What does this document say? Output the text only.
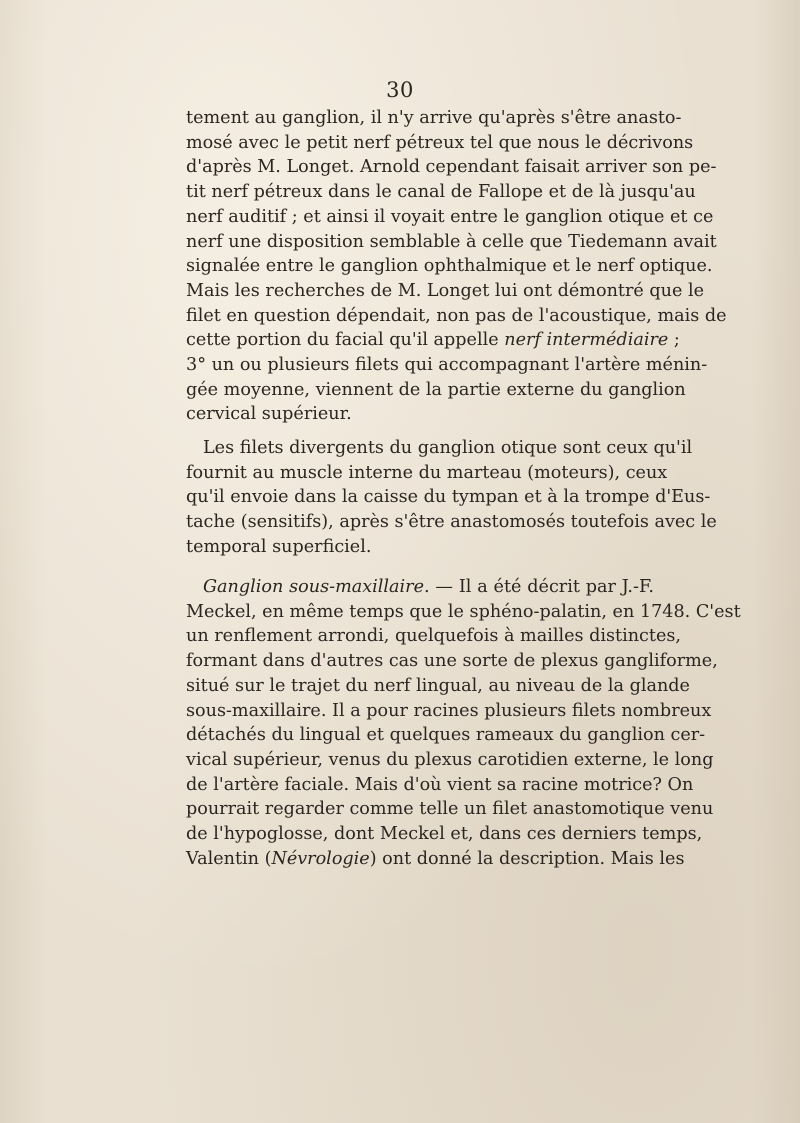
30
tement au ganglion, il n'y arrive qu'après s'être anasto-
mosé avec le petit nerf pétreux tel que nous le décrivons
d'après M. Longet. Arnold cependant faisait arriver son pe-
tit nerf pétreux dans le canal de Fallope et de là jusqu'au
nerf auditif ; et ainsi il voyait entre le ganglion otique et ce
nerf une disposition semblable à celle que Tiedemann avait
signalée entre le ganglion ophthalmique et le nerf optique.
Mais les recherches de M. Longet lui ont démontré que le
filet en question dépendait, non pas de l'acoustique, mais de
cette portion du facial qu'il appelle nerf intermédiaire ;
3° un ou plusieurs filets qui accompagnant l'artère ménin-
gée moyenne, viennent de la partie externe du ganglion
cervical supérieur.
Les filets divergents du ganglion otique sont ceux qu'il
fournit au muscle interne du marteau (moteurs), ceux
qu'il envoie dans la caisse du tympan et à la trompe d'Eus-
tache (sensitifs), après s'être anastomosés toutefois avec le
temporal superficiel.
Ganglion sous-maxillaire. — Il a été décrit par J.-F.
Meckel, en même temps que le sphéno-palatin, en 1748. C'est
un renflement arrondi, quelquefois à mailles distinctes,
formant dans d'autres cas une sorte de plexus gangliforme,
situé sur le trajet du nerf lingual, au niveau de la glande
sous-maxillaire. Il a pour racines plusieurs filets nombreux
détachés du lingual et quelques rameaux du ganglion cer-
vical supérieur, venus du plexus carotidien externe, le long
de l'artère faciale. Mais d'où vient sa racine motrice? On
pourrait regarder comme telle un filet anastomotique venu
de l'hypoglosse, dont Meckel et, dans ces derniers temps,
Valentin (Névrologie) ont donné la description. Mais les
